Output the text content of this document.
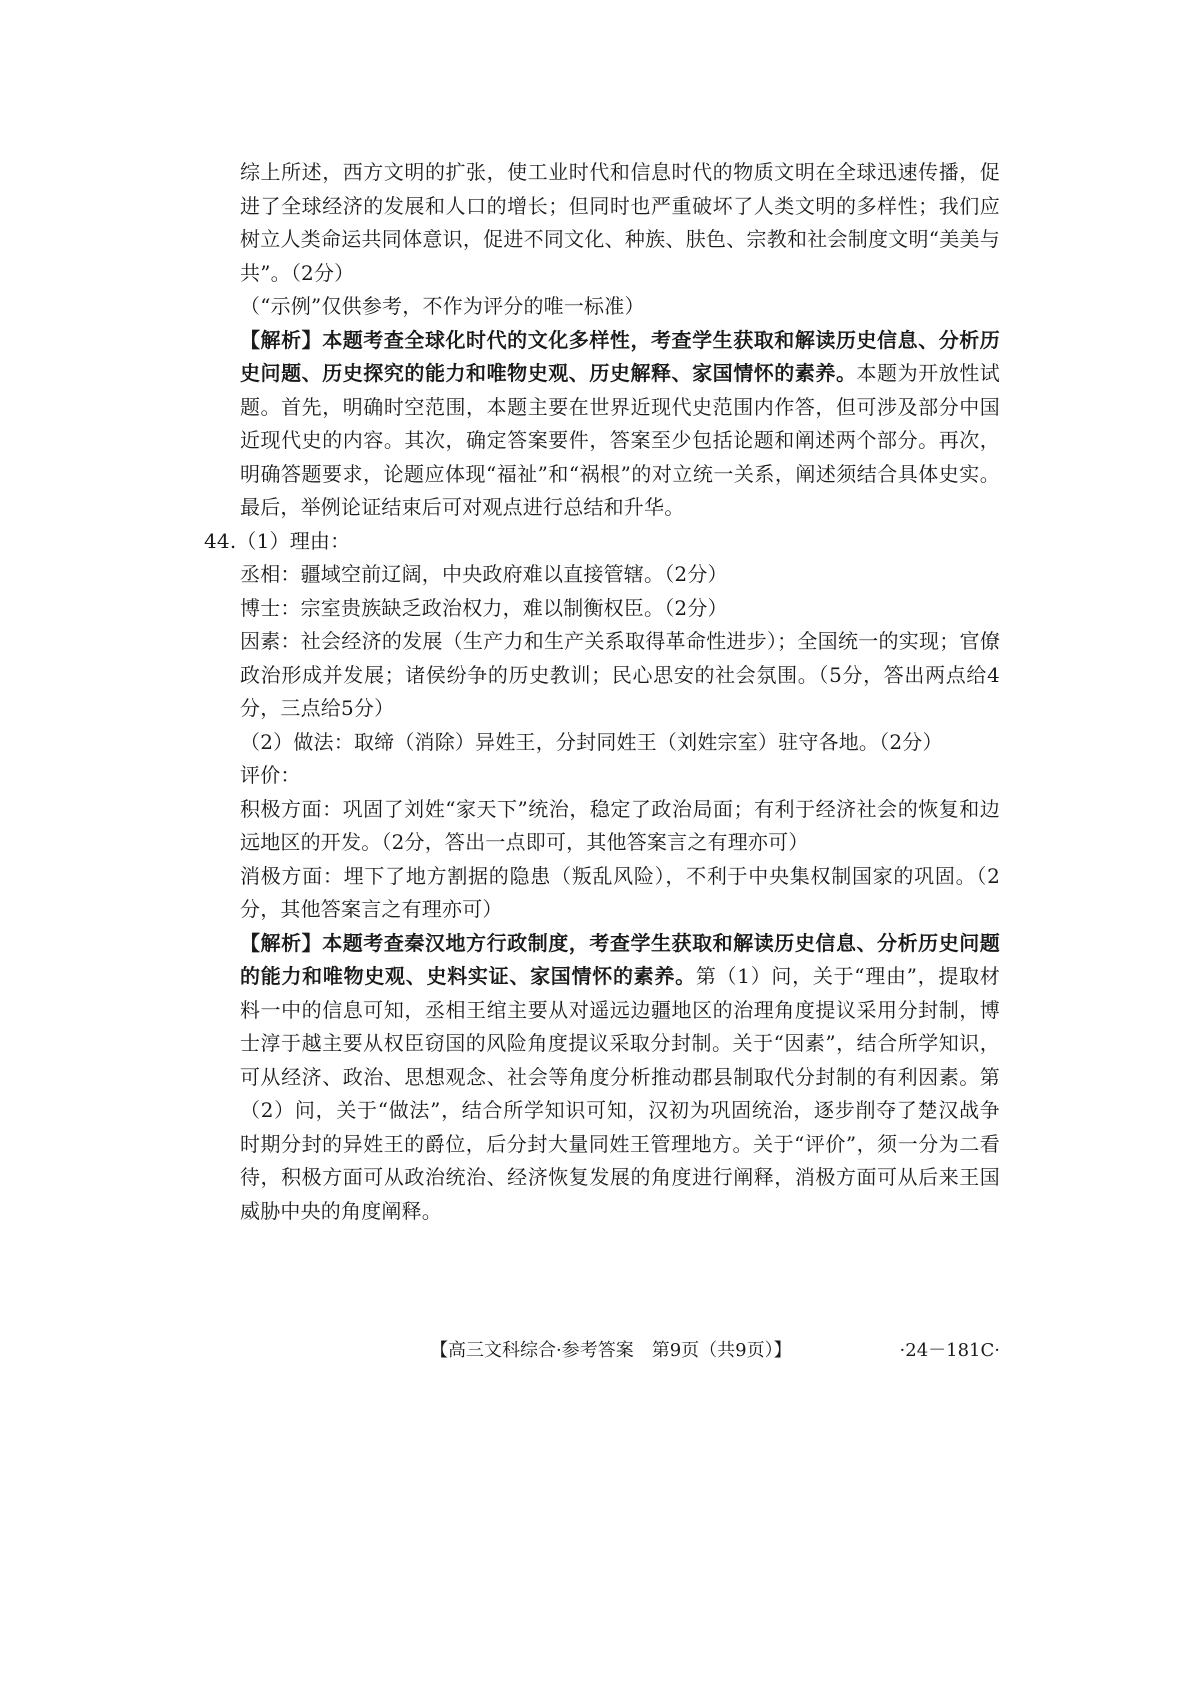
综上所述，西方文明的扩张，使工业时代和信息时代的物质文明在全球迅速传播，促进了全球经济的发展和人口的增长；但同时也严重破坏了人类文明的多样性；我们应树立人类命运共同体意识，促进不同文化、种族、肤色、宗教和社会制度文明“美美与共”。（2分）

（“示例”仅供参考，不作为评分的唯一标准）

【解析】本题考查全球化时代的文化多样性，考查学生获取和解读历史信息、分析历史问题、历史探究的能力和唯物史观、历史解释、家国情怀的素养。本题为开放性试题。首先，明确时空范围，本题主要在世界近现代史范围内作答，但可涉及部分中国近现代史的内容。其次，确定答案要件，答案至少包括论题和阐述两个部分。再次，明确答题要求，论题应体现“福祉”和“祸根”的对立统一关系，阐述须结合具体史实。最后，举例论证结束后可对观点进行总结和升华。

44.（1）理由：

丞相：疆域空前辽阔，中央政府难以直接管辖。（2分）

博士：宗室贵族缺乏政治权力，难以制衡权臣。（2分）

因素：社会经济的发展（生产力和生产关系取得革命性进步）；全国统一的实现；官僚政治形成并发展；诸侯纷争的历史教训；民心思安的社会氛围。（5分，答出两点给4分，三点给5分）

（2）做法：取缔（消除）异姓王，分封同姓王（刘姓宗室）驻守各地。（2分）

评价：

积极方面：巩固了刘姓“家天下”统治，稳定了政治局面；有利于经济社会的恢复和边远地区的开发。（2分，答出一点即可，其他答案言之有理亦可）

消极方面：埋下了地方割据的隐患（叛乱风险），不利于中央集权制国家的巩固。（2分，其他答案言之有理亦可）

【解析】本题考查秦汉地方行政制度，考查学生获取和解读历史信息、分析历史问题的能力和唯物史观、史料实证、家国情怀的素养。第（1）问，关于“理由”，提取材料一中的信息可知，丞相王绾主要从对遥远边疆地区的治理角度提议采用分封制，博士淳于越主要从权臣窃国的风险角度提议采取分封制。关于“因素”，结合所学知识，可从经济、政治、思想观念、社会等角度分析推动郡县制取代分封制的有利因素。第（2）问，关于“做法”，结合所学知识可知，汉初为巩固统治，逐步削夺了楚汉战争时期分封的异姓王的爵位，后分封大量同姓王管理地方。关于“评价”，须一分为二看待，积极方面可从政治统治、经济恢复发展的角度进行阐释，消极方面可从后来王国威胁中央的角度阐释。

【高三文科综合·参考答案　第9页（共9页）】	·24－181C·
